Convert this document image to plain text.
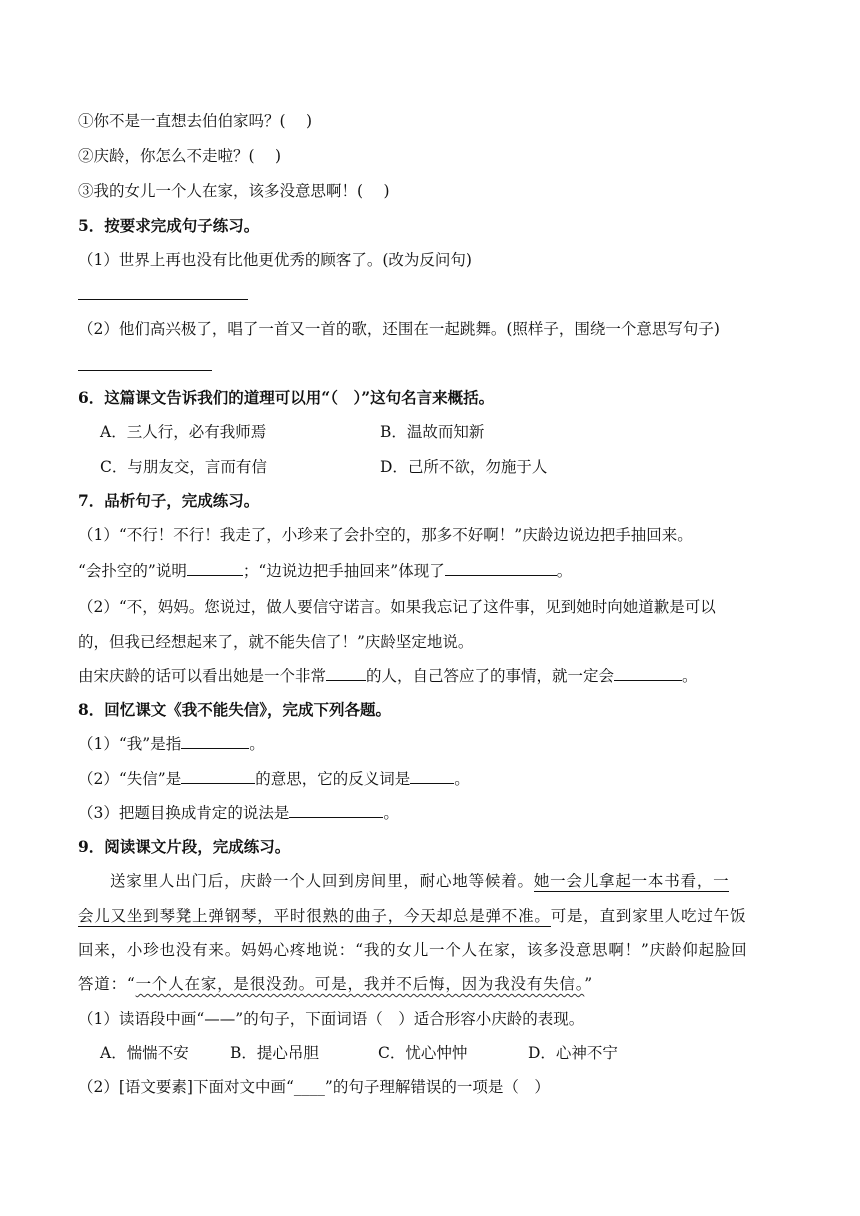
①你不是一直想去伯伯家吗？(　 )
②庆龄，你怎么不走啦？(　 )
③我的女儿一个人在家，该多没意思啊！(　 )
5．按要求完成句子练习。
（1）世界上再也没有比他更优秀的顾客了。(改为反问句)
（2）他们高兴极了，唱了一首又一首的歌，还围在一起跳舞。(照样子，围绕一个意思写句子)
6．这篇课文告诉我们的道理可以用“（　）”这句名言来概括。
A．三人行，必有我师焉	B．温故而知新
C．与朋友交，言而有信	D．己所不欲，勿施于人
7．品析句子，完成练习。
（1）“不行！不行！我走了，小珍来了会扑空的，那多不好啊！”庆龄边说边把手抽回来。
“会扑空的”说明	；“边说边把手抽回来”体现了	。
（2）“不，妈妈。您说过，做人要信守诺言。如果我忘记了这件事，见到她时向她道歉是可以
的，但我已经想起来了，就不能失信了！”庆龄坚定地说。
由宋庆龄的话可以看出她是一个非常	的人，自己答应了的事情，就一定会	。
8．回忆课文《我不能失信》，完成下列各题。
（1）“我”是指	。
（2）“失信”是	的意思，它的反义词是	。
（3）把题目换成肯定的说法是	。
9．阅读课文片段，完成练习。
送家里人出门后，庆龄一个人回到房间里，耐心地等候着。她一会儿拿起一本书看，一
会儿又坐到琴凳上弹钢琴，平时很熟的曲子，今天却总是弹不准。可是，直到家里人吃过午饭
回来，小珍也没有来。妈妈心疼地说：“我的女儿一个人在家，该多没意思啊！”庆龄仰起脸回
答道：“一个人在家，是很没劲。可是，我并不后悔，因为我没有失信。”
（1）读语段中画“——”的句子，下面词语（　）适合形容小庆龄的表现。
A．惴惴不安	B．提心吊胆	C．忧心忡忡	D．心神不宁
（2）[语文要素]下面对文中画“____”的句子理解错误的一项是（　）
